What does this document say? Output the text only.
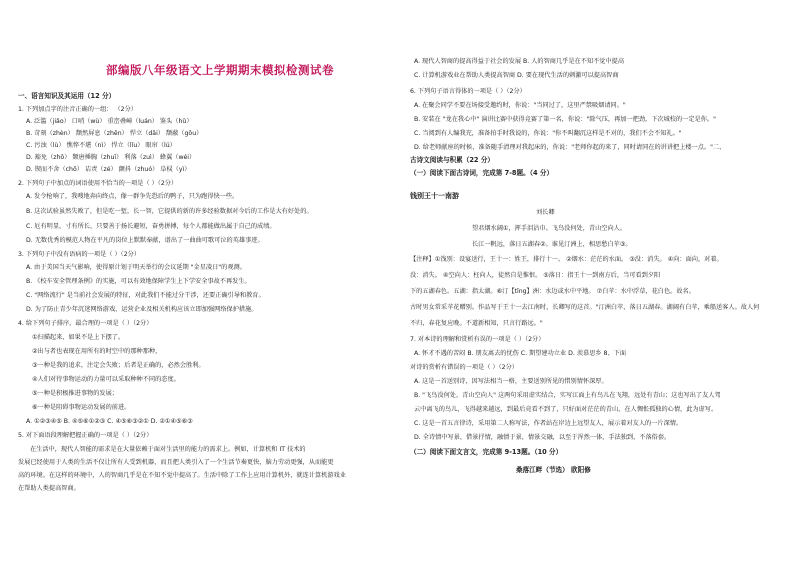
部编版八年级语文上学期期末模拟检测试卷
一、语言知识及其运用（12 分）
1. 下列加点字的注音正确的一组： （2分）
A. 泛滥（jiǎo） 口哨（wù） 重峦叠嶂（luán） 鉴头（hǔ）
B. 苛刻（zhèn） 颓然屏息（zhēn） 悍立（dǎi） 颓蔽（gǒu）
C. 污浊（lù） 憔悴不堪（nì） 悍立（lǐu） 眼帘（lú）
D. 豁免（zhō） 颓唐捶胸（zhuī） 利落（zuì） 蜂翼（wéi）
D. 锲而不舍（chō） 诘责（zé） 颤抖（zhuó） 阜棂（yì）
2. 下列句子中加点的词语使用不恰当的一项是（ ）（2分）
A. 发令枪响了，我嗖地奔向终点，像一群争先恐后的鸭子，只为跑得快一些。
B. 这次试验虽然失败了，但是吃一堑，长一智，它提供的新的许多经验数据对今后的工作是大有好处的。
C. 厄有明显，寸有所长，只要善于扬长避短，奋勇拼搏，每个人都能做出属于自己的成绩。
D. 无数优秀的模范人物在平凡的岗位上默默奉献，谱出了一曲曲可歌可泣的英雄事迹。
3. 下列句子中没有语病的一项是（ ）（2分）
A. 由于美国当天气影响，使得原计划于明天举行的会议延期 "金星凌日"的观测。
B. 《校车安全管理条例》的实施，可以有效地保障学生上下学安全事故不再发生。
C. "网络流行" 是当前社会发展的特征，对此我们不能过分干涉，还要正确引导和教育。
D. 为了防止青少年沉迷网络游戏，运营企业及相关机构应该立即加强网络保护措施。
4. 给下列句子排序，最合理的一项是（ ）（2分）
①扫描起来，如果不是上下摆了。
②出与者也表现在用所有的时空中的那种那种，
③一种是我的追求，注定会失败；后者是正确的，必然会胜利。
④人们对待事物运动的力量可以采取种种不同的态度。
⑤一种是积极推进事物的发展；
⑥一种是阻碍事物运动发展的前进。
A. ①②③④⑤ B. ④⑤⑥①②③ C. ④⑤⑥③②① D. ②①④⑤⑥③
5. 对下面语段理解把握正确的一项是（ ）（2分）
在生活中，现代人智能的需求是在大量依赖于面对生活里的能力的需求上。例如，计算机和 IT 技术的
发展已经使用于人类的生活不仅让所有人受到机器，而且把人类引入了一个生活节奏更快，脑力劳动更强，从而能更
高的环境。在这样的环境中，人的智商几乎是在不知不觉中提高了。生活中除了工作上应用计算机外，就连计算机游戏业
在帮助人类提高智商。
A. 现代人智商的提高得益于社会的发展 B. 人的智商几乎是在不知不觉中提高
C. 计算机游戏业在帮助人类提高智商 D. 要在现代生活的刺激可以提高智商
6. 下列句子语言得体的一项是（ ）（2分）
A. 在聚会同学不要在场接受邀约时，你说："当同过了，这里严禁吸烟请同。"
B. 安装在 "龙在我心中" 演讲比赛中获得竞赛了第一名，你说："除气压，再加一把劲，下次城校的一定是你。"
C. 当阅到有人编我充，准备拍手时我说的，你说："你不叫翻沉这样是不对的，我们不会不知礼。"
D. 给老师献座的时候，准备随手清理对我起床的，你说："老师你起的来了，同时请同在的讲讲把上楼一点。"二、
古诗文阅读与积累（22 分）
（一）阅读下面古诗词，完成第 7-8题。（4 分）
钱别王十一南游
刘长卿
望君烟水阔①，挥手泪沾巾。飞鸟没何处，青山空向人。
长江一帆远，落日五湖春②。谁见汀洲上，相思愁白苹③。
【注释】①饯别：设宴送行，王十一：姓王，排行十一。 ②烟水：茫茫的水面。 ③没：消失。 ④向：面向，对着。
没：消失。 ④空向人：枉向人，徒然自是惟恨。 ⑤落日：指王十一到南方后，当可看到夕阳
下的五湖春色。五湖：指太湖。⑥汀【tīng】洲：水边或水中平地。 ⑦白苹：水中浮草，花白色。故名。
古时男女常采苹花赠别。作品写于王十一去江南时，长卿写的这首。"汀洲白苹，落日五湖春。湖阔有白苹，乘船送客人。故人何
不归，春花复应晚。不道新相知，只言行路远。"
7. 对本诗的理解和赏析有误的一项是（ ）（2分）
A. 怀才不遇的苦闷 B. 朋友离去的忧伤 C. 期望建功立业 D. 羡慕思乡 8、下面
对诗的赏析有错误的一项是（ ）（2分）
A. 这是一首送别诗，因写法相当一格，主要送别所见的惜别情怀深厚。
B. "飞鸟没何处，青山空向人" 这两句采用虚实结合，实写江面上有鸟儿在飞翔，远处有青山；这也写出了友人驾
云中离飞的鸟儿，飞得越来越远，到最后竟看不到了，只好面对茫茫的青山，在人惆怅孤独的心情，此为虚写。
C. 这是一首五言律诗，采用第二人称写法，作者站在岸边上远望友人，展示着对友人的一片深情。
D. 全诗情中写景，借景抒情，融情于景，情景交融，以至于浑然一体，手法独到，不落俗套。
（二）阅读下面文言文，完成第 9-13题。（10 分）
桑落江畔（节选） 欧阳修
